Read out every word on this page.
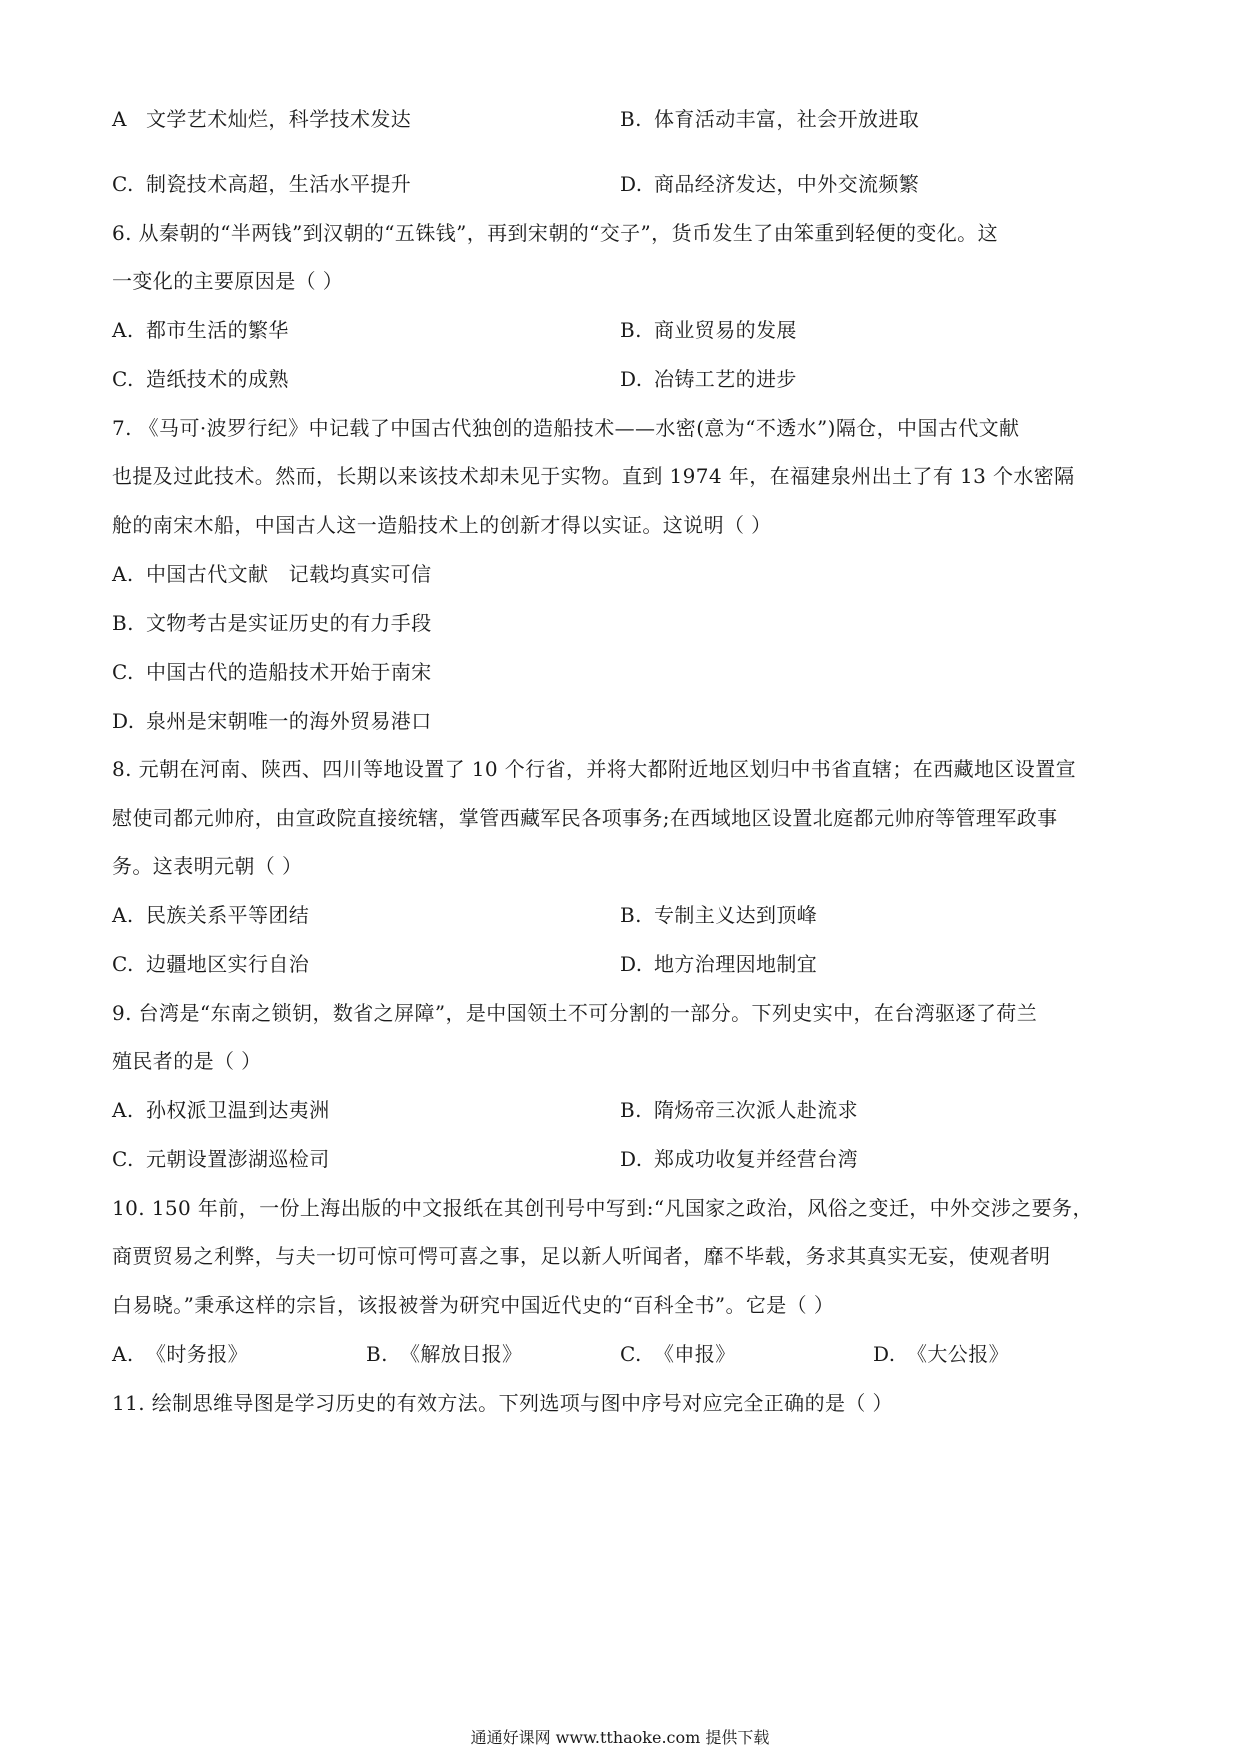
A 文学艺术灿烂，科学技术发达	B. 体育活动丰富，社会开放进取
C. 制瓷技术高超，生活水平提升	D. 商品经济发达，中外交流频繁
6. 从秦朝的“半两钱”到汉朝的“五铢钱”，再到宋朝的“交子”，货币发生了由笨重到轻便的变化。这
一变化的主要原因是（ ）
A. 都市生活的繁华	B. 商业贸易的发展
C. 造纸技术的成熟	D. 冶铸工艺的进步
7. 《马可·波罗行纪》中记载了中国古代独创的造船技术——水密(意为“不透水”)隔仓，中国古代文献
也提及过此技术。然而，长期以来该技术却未见于实物。直到 1974 年，在福建泉州出土了有 13 个水密隔
舱的南宋木船，中国古人这一造船技术上的创新才得以实证。这说明（ ）
A. 中国古代文献   记载均真实可信
B. 文物考古是实证历史的有力手段
C. 中国古代的造船技术开始于南宋
D. 泉州是宋朝唯一的海外贸易港口
8. 元朝在河南、陕西、四川等地设置了 10 个行省，并将大都附近地区划归中书省直辖；在西藏地区设置宣
慰使司都元帅府，由宣政院直接统辖，掌管西藏军民各项事务;在西域地区设置北庭都元帅府等管理军政事
务。这表明元朝（ ）
A. 民族关系平等团结	B. 专制主义达到顶峰
C. 边疆地区实行自治	D. 地方治理因地制宜
9. 台湾是“东南之锁钥，数省之屏障”，是中国领土不可分割的一部分。下列史实中，在台湾驱逐了荷兰
殖民者的是（ ）
A. 孙权派卫温到达夷洲	B. 隋炀帝三次派人赴流求
C. 元朝设置澎湖巡检司	D. 郑成功收复并经营台湾
10. 150 年前，一份上海出版的中文报纸在其创刊号中写到:“凡国家之政治，风俗之变迁，中外交涉之要务，
商贾贸易之利弊，与夫一切可惊可愕可喜之事，足以新人听闻者，靡不毕载，务求其真实无妄，使观者明
白易晓。”秉承这样的宗旨，该报被誉为研究中国近代史的“百科全书”。它是（ ）
A. 《时务报》	B. 《解放日报》	C. 《申报》	D. 《大公报》
11. 绘制思维导图是学习历史的有效方法。下列选项与图中序号对应完全正确的是（ ）
通通好课网 www.tthaoke.com 提供下载
